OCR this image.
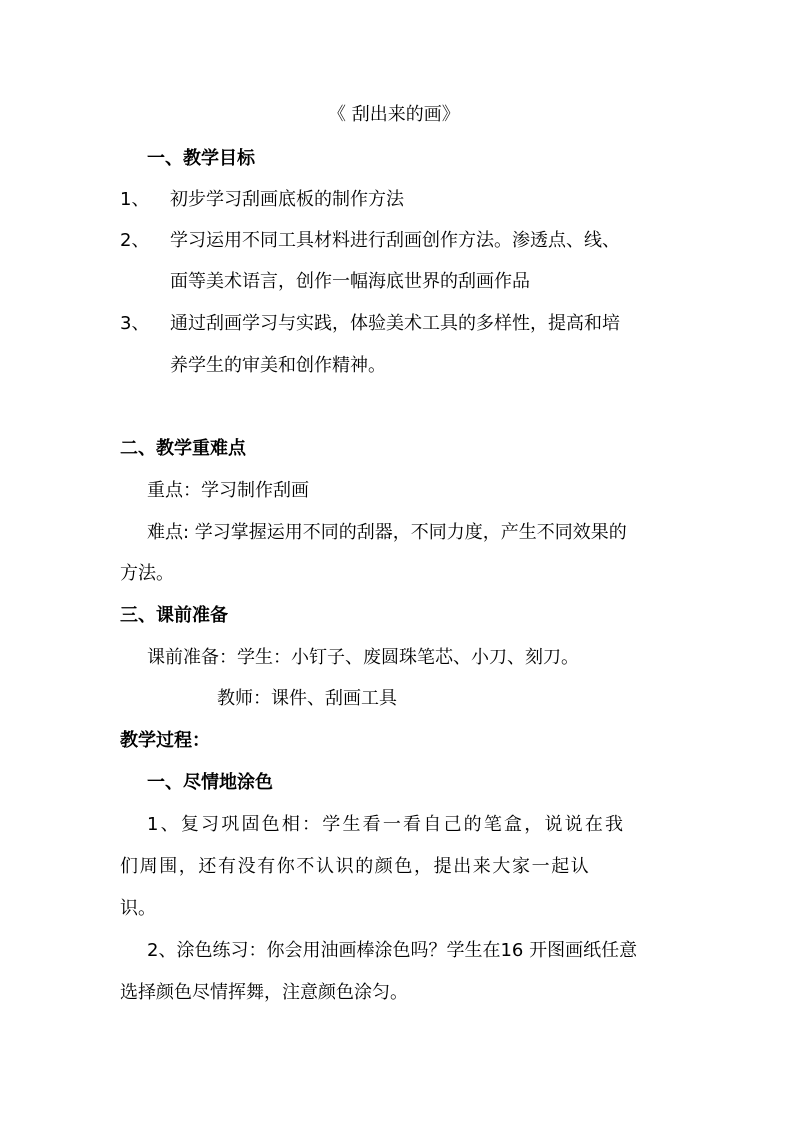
《 刮出来的画》
一、教学目标
1、 初步学习刮画底板的制作方法
2、 学习运用不同工具材料进行刮画创作方法。渗透点、线、
面等美术语言，创作一幅海底世界的刮画作品
3、 通过刮画学习与实践，体验美术工具的多样性，提高和培
养学生的审美和创作精神。
二、教学重难点
重点：学习制作刮画
难点: 学习掌握运用不同的刮器，不同力度，产生不同效果的
方法。
三、课前准备
课前准备：学生：小钉子、废圆珠笔芯、小刀、刻刀。
教师：课件、刮画工具
教学过程：
一、尽情地涂色
1、复习巩固色相：学生看一看自己的笔盒，说说在我
们周围，还有没有你不认识的颜色，提出来大家一起认
识。
2、涂色练习：你会用油画棒涂色吗？学生在16 开图画纸任意
选择颜色尽情挥舞，注意颜色涂匀。
